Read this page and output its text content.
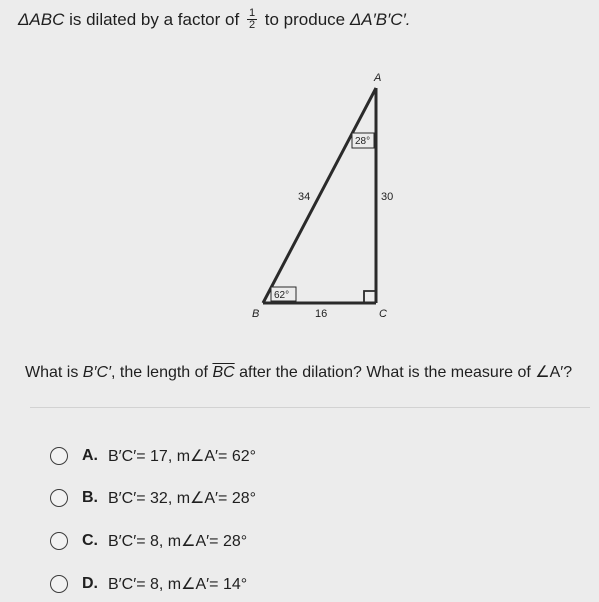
ΔABC is dilated by a factor of $\frac{1}{2}$ to produce ΔA′B′C′.
A
B	C
34	30
16
28°
62°
What is B′C′, the length of $\overline{BC}$ after the dilation? What is the measure of ∠A′?
A. B′C′= 17, m∠A′= 62°
B. B′C′= 32, m∠A′= 28°
C. B′C′= 8, m∠A′= 28°
D. B′C′= 8, m∠A′= 14°
